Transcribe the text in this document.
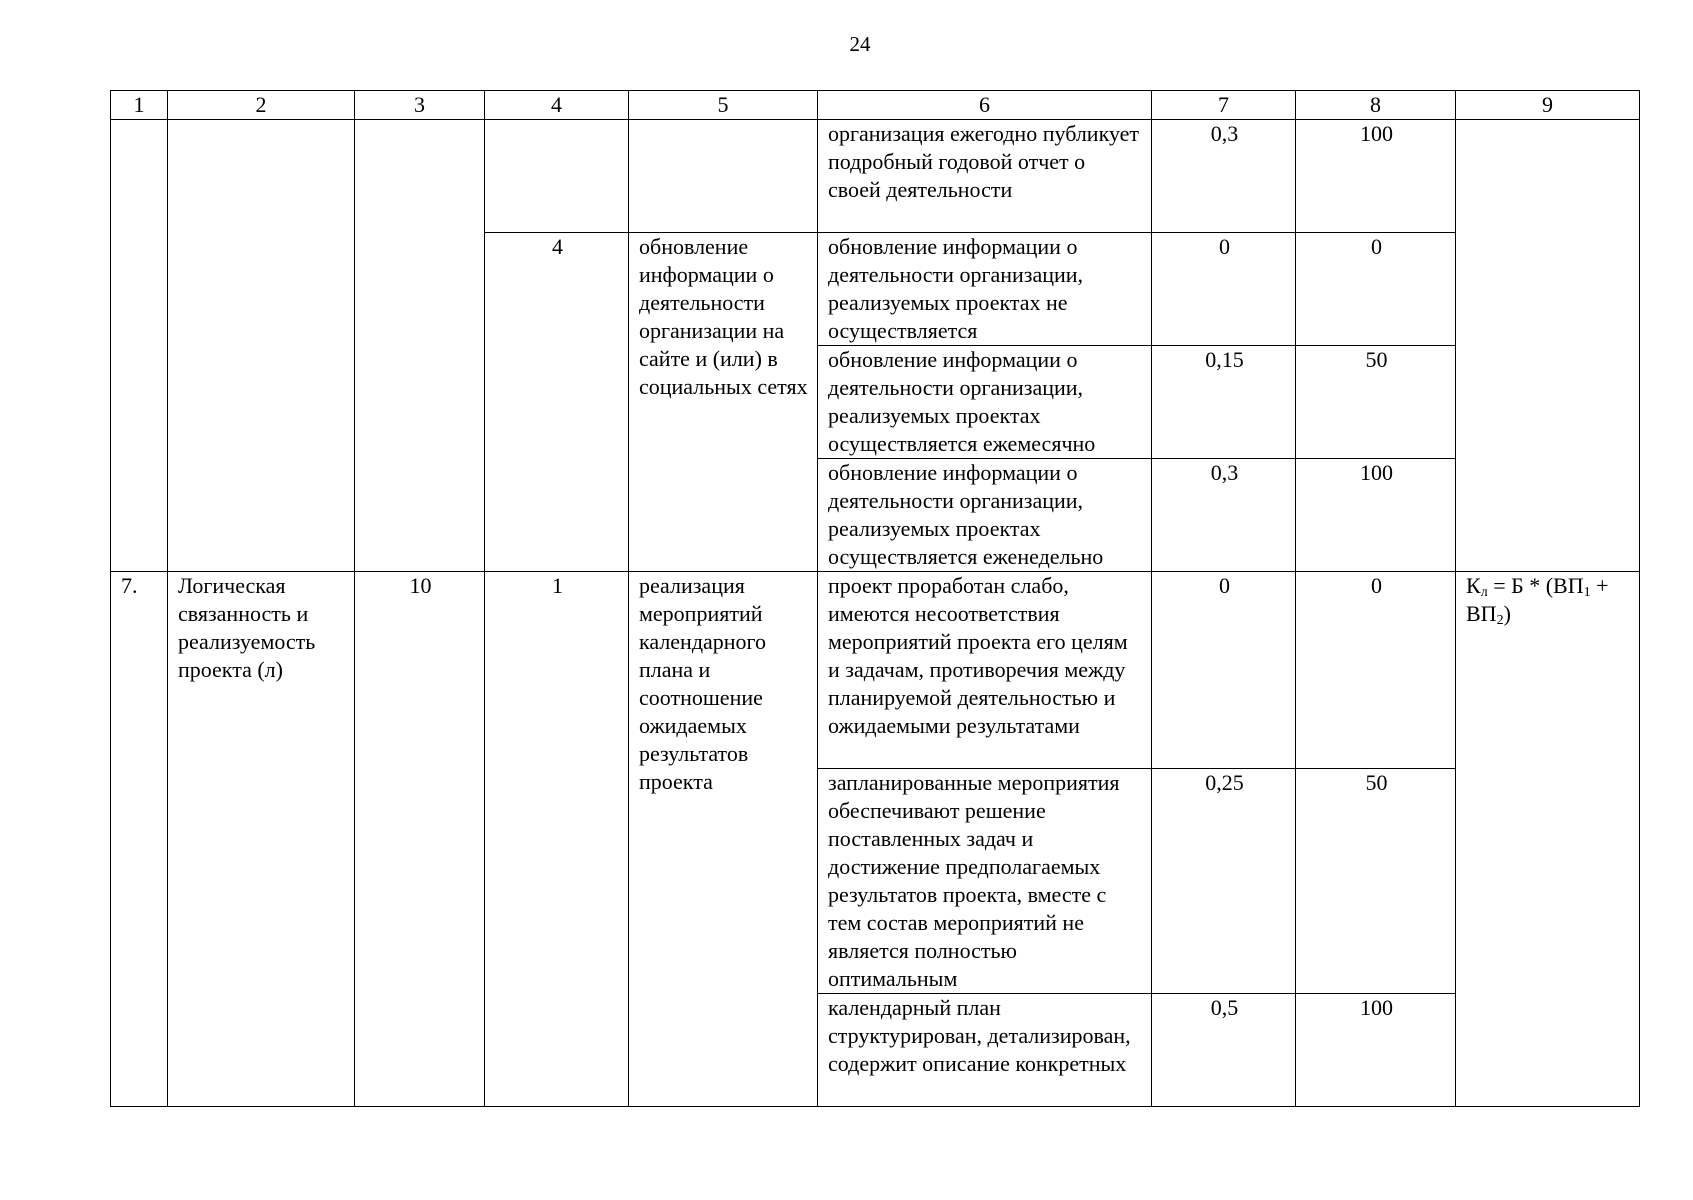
24
1	2	3	4	5	6	7	8	9
					организация ежегодно публикует подробный годовой отчет о своей деятельности	0,3	100	
			4	обновление информации о деятельности организации на сайте и (или) в социальных сетях	обновление информации о деятельности организации, реализуемых проектах не осуществляется	0	0	
					обновление информации о деятельности организации, реализуемых проектах осуществляется ежемесячно	0,15	50	
					обновление информации о деятельности организации, реализуемых проектах осуществляется еженедельно	0,3	100	
7.	Логическая связанность и реализуемость проекта (л)	10	1	реализация мероприятий календарного плана и соотношение ожидаемых результатов проекта	проект проработан слабо, имеются несоответствия мероприятий проекта его целям и задачам, противоречия между планируемой деятельностью и ожидаемыми результатами	0	0	$К_л = Б * (ВП_1 + ВП_2)$
					запланированные мероприятия обеспечивают решение поставленных задач и достижение предполагаемых результатов проекта, вместе с тем состав мероприятий не является полностью оптимальным	0,25	50	
					календарный план структурирован, детализирован, содержит описание конкретных	0,5	100	
